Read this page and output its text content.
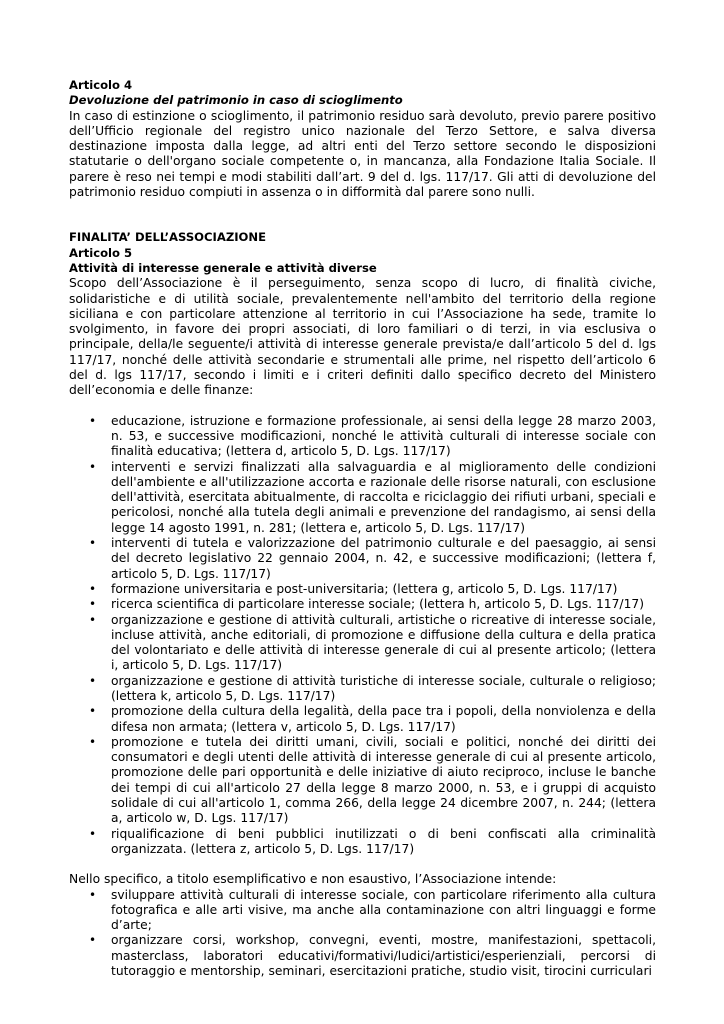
Articolo 4
Devoluzione del patrimonio in caso di scioglimento

In caso di estinzione o scioglimento, il patrimonio residuo sarà devoluto, previo parere positivo dell’Ufficio regionale del registro unico nazionale del Terzo Settore, e salva diversa destinazione imposta dalla legge, ad altri enti del Terzo settore secondo le disposizioni statutarie o dell'organo sociale competente o, in mancanza, alla Fondazione Italia Sociale. Il parere è reso nei tempi e modi stabiliti dall’art. 9 del d. lgs. 117/17. Gli atti di devoluzione del patrimonio residuo compiuti in assenza o in difformità dal parere sono nulli.

FINALITA’ DELL’ASSOCIAZIONE
Articolo 5
Attività di interesse generale e attività diverse

Scopo dell’Associazione è il perseguimento, senza scopo di lucro, di finalità civiche, solidaristiche e di utilità sociale, prevalentemente nell'ambito del territorio della regione siciliana e con particolare attenzione al territorio in cui l’Associazione ha sede, tramite lo svolgimento, in favore dei propri associati, di loro familiari o di terzi, in via esclusiva o principale, della/le seguente/i attività di interesse generale prevista/e dall’articolo 5 del d. lgs 117/17, nonché delle attività secondarie e strumentali alle prime, nel rispetto dell’articolo 6 del d. lgs 117/17, secondo i limiti e i criteri definiti dallo specifico decreto del Ministero dell’economia e delle finanze:

• educazione, istruzione e formazione professionale, ai sensi della legge 28 marzo 2003, n. 53, e successive modificazioni, nonché le attività culturali di interesse sociale con finalità educativa; (lettera d, articolo 5, D. Lgs. 117/17)
• interventi e servizi finalizzati alla salvaguardia e al miglioramento delle condizioni dell'ambiente e all'utilizzazione accorta e razionale delle risorse naturali, con esclusione dell'attività, esercitata abitualmente, di raccolta e riciclaggio dei rifiuti urbani, speciali e pericolosi, nonché alla tutela degli animali e prevenzione del randagismo, ai sensi della legge 14 agosto 1991, n. 281; (lettera e, articolo 5, D. Lgs. 117/17)
• interventi di tutela e valorizzazione del patrimonio culturale e del paesaggio, ai sensi del decreto legislativo 22 gennaio 2004, n. 42, e successive modificazioni; (lettera f, articolo 5, D. Lgs. 117/17)
• formazione universitaria e post-universitaria; (lettera g, articolo 5, D. Lgs. 117/17)
• ricerca scientifica di particolare interesse sociale; (lettera h, articolo 5, D. Lgs. 117/17)
• organizzazione e gestione di attività culturali, artistiche o ricreative di interesse sociale, incluse attività, anche editoriali, di promozione e diffusione della cultura e della pratica del volontariato e delle attività di interesse generale di cui al presente articolo; (lettera i, articolo 5, D. Lgs. 117/17)
• organizzazione e gestione di attività turistiche di interesse sociale, culturale o religioso; (lettera k, articolo 5, D. Lgs. 117/17)
• promozione della cultura della legalità, della pace tra i popoli, della nonviolenza e della difesa non armata; (lettera v, articolo 5, D. Lgs. 117/17)
• promozione e tutela dei diritti umani, civili, sociali e politici, nonché dei diritti dei consumatori e degli utenti delle attività di interesse generale di cui al presente articolo, promozione delle pari opportunità e delle iniziative di aiuto reciproco, incluse le banche dei tempi di cui all'articolo 27 della legge 8 marzo 2000, n. 53, e i gruppi di acquisto solidale di cui all'articolo 1, comma 266, della legge 24 dicembre 2007, n. 244; (lettera a, articolo w, D. Lgs. 117/17)
• riqualificazione di beni pubblici inutilizzati o di beni confiscati alla criminalità organizzata. (lettera z, articolo 5, D. Lgs. 117/17)

Nello specifico, a titolo esemplificativo e non esaustivo, l’Associazione intende:

• sviluppare attività culturali di interesse sociale, con particolare riferimento alla cultura fotografica e alle arti visive, ma anche alla contaminazione con altri linguaggi e forme d’arte;
• organizzare corsi, workshop, convegni, eventi, mostre, manifestazioni, spettacoli, masterclass, laboratori educativi/formativi/ludici/artistici/esperienziali, percorsi di tutoraggio e mentorship, seminari, esercitazioni pratiche, studio visit, tirocini curriculari
